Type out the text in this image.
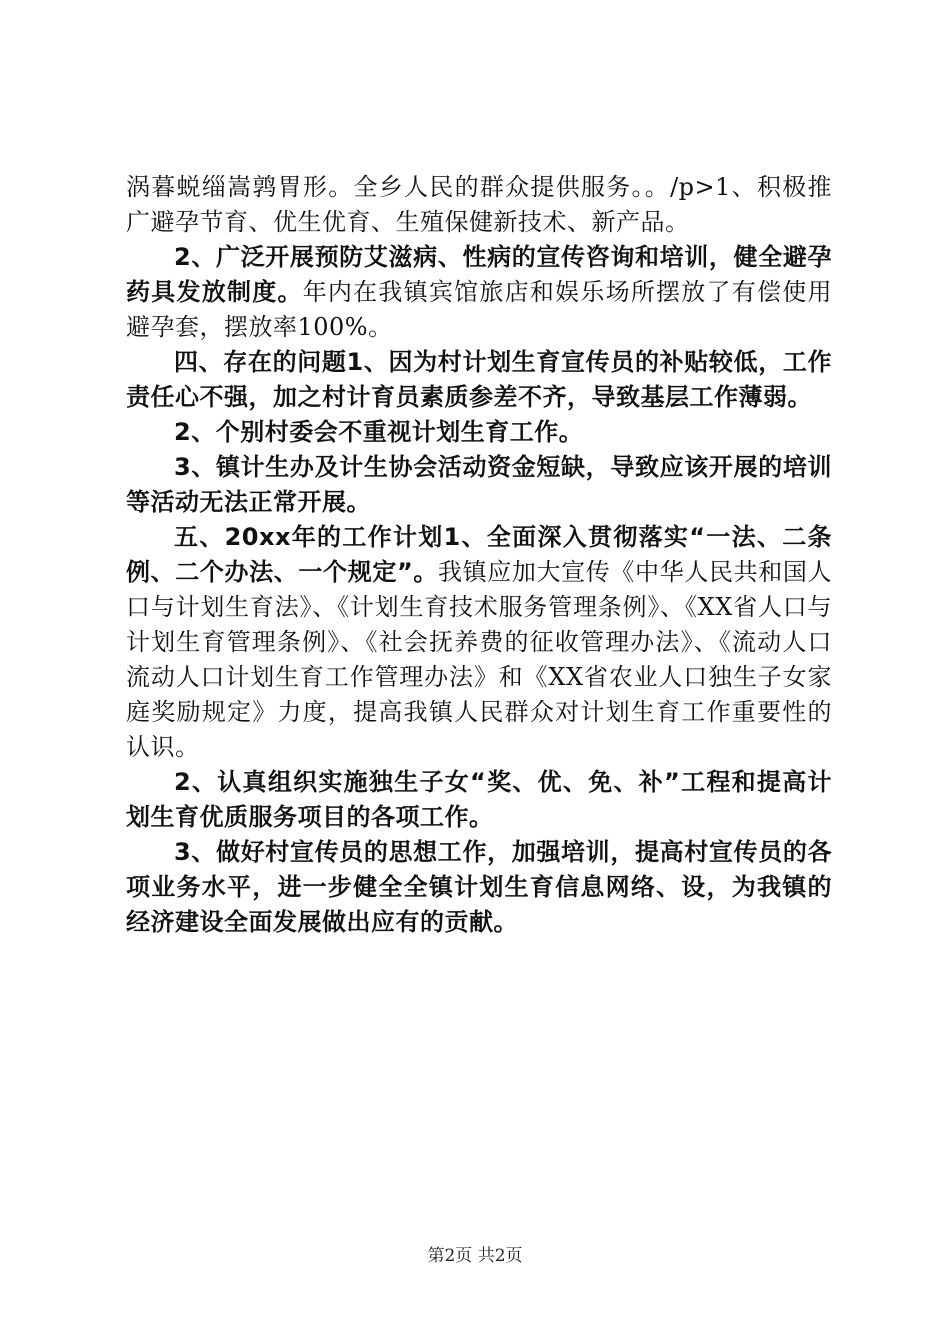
涡暮蜕缁嵩鹑胃形。全乡人民的群众提供服务。。/p>1、积极推广避孕节育、优生优育、生殖保健新技术、新产品。

2、广泛开展预防艾滋病、性病的宣传咨询和培训，健全避孕药具发放制度。年内在我镇宾馆旅店和娱乐场所摆放了有偿使用避孕套，摆放率100%。

四、存在的问题1、因为村计划生育宣传员的补贴较低，工作责任心不强，加之村计育员素质参差不齐，导致基层工作薄弱。

2、个别村委会不重视计划生育工作。

3、镇计生办及计生协会活动资金短缺，导致应该开展的培训等活动无法正常开展。

五、20xx年的工作计划1、全面深入贯彻落实“一法、二条例、二个办法、一个规定”。我镇应加大宣传《中华人民共和国人口与计划生育法》、《计划生育技术服务管理条例》、《XX省人口与计划生育管理条例》、《社会抚养费的征收管理办法》、《流动人口流动人口计划生育工作管理办法》和《XX省农业人口独生子女家庭奖励规定》力度，提高我镇人民群众对计划生育工作重要性的认识。

2、认真组织实施独生子女“奖、优、免、补”工程和提高计划生育优质服务项目的各项工作。

3、做好村宣传员的思想工作，加强培训，提高村宣传员的各项业务水平，进一步健全全镇计划生育信息网络、设，为我镇的经济建设全面发展做出应有的贡献。

第2页 共2页
